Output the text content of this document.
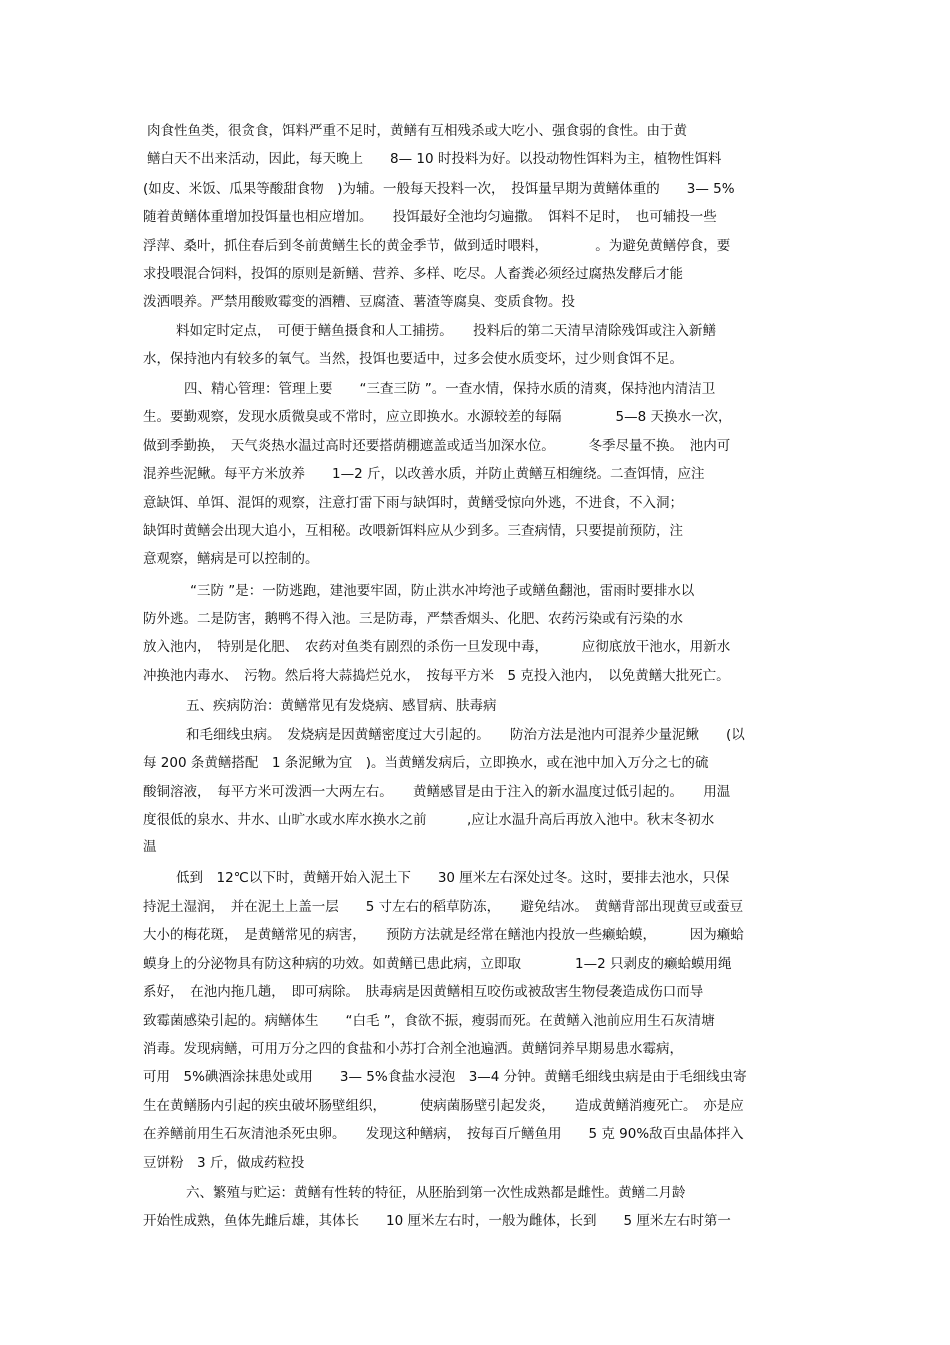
肉食性鱼类，很贪食，饵料严重不足时，黄鳝有互相残杀或大吃小、强食弱的食性。由于黄
鳝白天不出来活动，因此，每天晚上　　8— 10 时投料为好。以投动物性饵料为主，植物性饵料
(如皮、米饭、瓜果等酸甜食物　)为辅。一般每天投料一次，　投饵量早期为黄鳝体重的　　3— 5%
随着黄鳝体重增加投饵量也相应增加。　　投饵最好全池均匀遍撒。　饵料不足时，　也可辅投一些
浮萍、桑叶，抓住春后到冬前黄鳝生长的黄金季节，做到适时喂料，　　　　。为避免黄鳝停食，要
求投喂混合饲料，投饵的原则是新鳝、营养、多样、吃尽。人畜粪必须经过腐热发酵后才能
泼洒喂养。严禁用酸败霉变的酒糟、豆腐渣、薯渣等腐臭、变质食物。投
料如定时定点，　可便于鳝鱼摄食和人工捕捞。　　投料后的第二天清早清除残饵或注入新鳝
水，保持池内有较多的氧气。当然，投饵也要适中，过多会使水质变坏，过少则食饵不足。
四、精心管理：管理上要　　“三查三防 ”。一查水情，保持水质的清爽，保持池内清洁卫
生。要勤观察，发现水质微臭或不常时，应立即换水。水源较差的每隔　　　　5—8 天换水一次，
做到季勤换，　天气炎热水温过高时还要搭荫棚遮盖或适当加深水位。　　　冬季尽量不换。　池内可
混养些泥鳅。每平方米放养　　1—2 斤，以改善水质，并防止黄鳝互相缠绕。二查饵情，应注
意缺饵、单饵、混饵的观察，注意打雷下雨与缺饵时，黄鳝受惊向外逃，不进食，不入洞；
缺饵时黄鳝会出现大追小，互相秘。改喂新饵料应从少到多。三查病情，只要提前预防，注
意观察，鳝病是可以控制的。
“三防 ”是：一防逃跑，建池要牢固，防止洪水冲垮池子或鳝鱼翻池，雷雨时要排水以
防外逃。二是防害，鹅鸭不得入池。三是防毒，严禁香烟头、化肥、农药污染或有污染的水
放入池内，　特别是化肥、　农药对鱼类有剧烈的杀伤一旦发现中毒，　　　应彻底放干池水，用新水
冲换池内毒水、　污物。然后将大蒜捣烂兑水，　按每平方米　5 克投入池内，　以免黄鳝大批死亡。
五、疾病防治：黄鳝常见有发烧病、感冒病、肤毒病
和毛细线虫病。　发烧病是因黄鳝密度过大引起的。　　防治方法是池内可混养少量泥鳅　　(以
每 200 条黄鳝搭配　1 条泥鳅为宜　)。当黄鳝发病后，立即换水，或在池中加入万分之七的硫
酸铜溶液，　每平方米可泼洒一大两左右。　　黄鳝感冒是由于注入的新水温度过低引起的。　　用温
度很低的泉水、井水、山旷水或水库水换水之前　　　,应让水温升高后再放入池中。秋末冬初水
温
低到　12℃以下时，黄鳝开始入泥土下　　30 厘米左右深处过冬。这时，要排去池水，只保
持泥土湿润，　并在泥土上盖一层　　5 寸左右的稻草防冻，　　避免结冰。　黄鳝背部出现黄豆或蚕豆
大小的梅花斑，　是黄鳝常见的病害，　　预防方法就是经常在鳝池内投放一些癞蛤蟆，　　　因为癞蛤
蟆身上的分泌物具有防这种病的功效。如黄鳝已患此病，立即取　　　　1—2 只剥皮的癞蛤蟆用绳
系好，　在池内拖几趟，　即可病除。　肤毒病是因黄鳝相互咬伤或被敌害生物侵袭造成伤口而导
致霉菌感染引起的。病鳝体生　　“白毛 ”，食欲不振，瘦弱而死。在黄鳝入池前应用生石灰清塘
消毒。发现病鳝，可用万分之四的食盐和小苏打合剂全池遍洒。黄鳝饲养早期易患水霉病，
可用　5%碘酒涂抹患处或用　　3— 5%食盐水浸泡　3—4 分钟。黄鳝毛细线虫病是由于毛细线虫寄
生在黄鳝肠内引起的疾虫破坏肠壁组织，　　　使病菌肠壁引起发炎，　　造成黄鳝消瘦死亡。　亦是应
在养鳝前用生石灰清池杀死虫卵。　　发现这种鳝病，　按每百斤鳝鱼用　　5 克 90%敌百虫晶体拌入
豆饼粉　3 斤，做成药粒投
六、繁殖与贮运：黄鳝有性转的特征，从胚胎到第一次性成熟都是雌性。黄鳝二月龄
开始性成熟，鱼体先雌后雄，其体长　　10 厘米左右时，一般为雌体，长到　　5 厘米左右时第一
